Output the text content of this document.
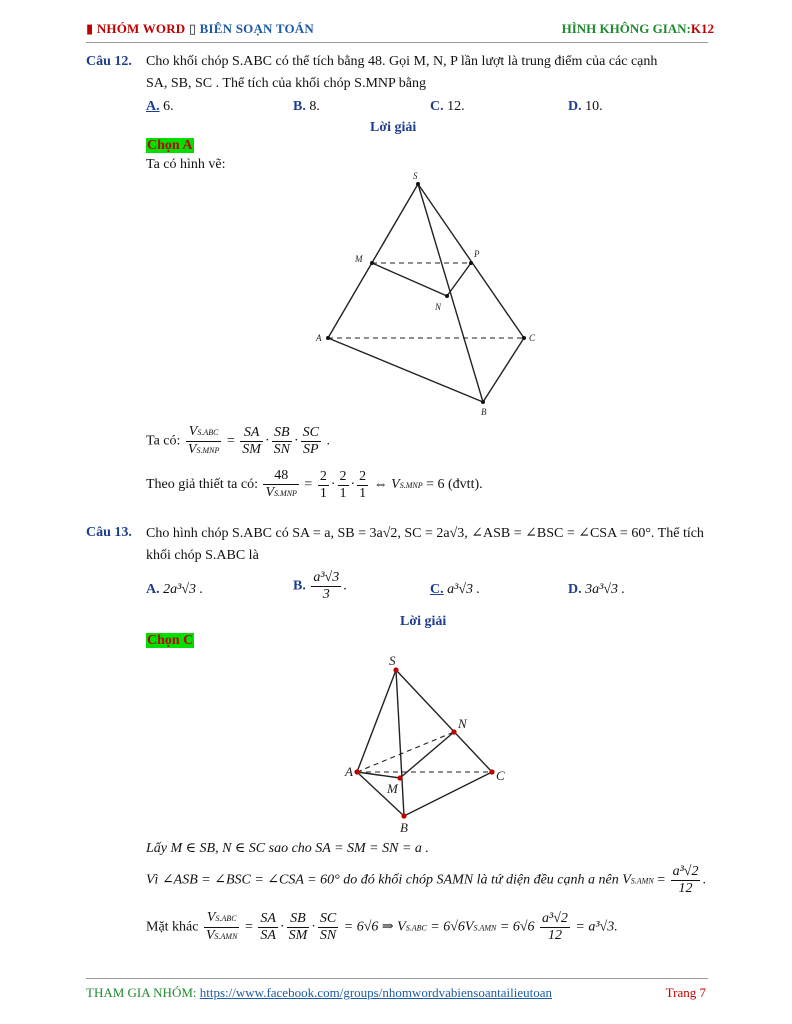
▮ NHÓM WORD ▯ BIÊN SOẠN TOÁN	HÌNH KHÔNG GIAN:K12
Câu 12. Cho khối chóp S.ABC có thể tích bằng 48. Gọi M, N, P lần lượt là trung điểm của các cạnh
SA, SB, SC . Thể tích của khối chóp S.MNP bằng
A. 6.	B. 8.	C. 12.	D. 10.
Lời giải
Chọn A
Ta có hình vẽ:
S
M	P
N
A	C
B
Ta có: $\frac{\text{VS.ABC}}{\text{VS.MNP}} = \frac{SA}{SM} \cdot \frac{SB}{SN} \cdot \frac{SC}{SP}$ .
Theo giả thiết ta có: $\frac{48}{\text{VS.MNP}} = \frac{2}{1} \cdot \frac{2}{1} \cdot \frac{2}{1}$ ⇔ VS.MNP = 6 (đvtt).
Câu 13. Cho hình chóp S.ABC có SA = a, SB = 3a√2, SC = 2a√3, ∠ASB = ∠BSC = ∠CSA = 60°. Thể tích
khối chóp S.ABC là
A. 2a³√3 .	B. $\frac{\text{a³√3}}{3}$ .	C. a³√3 .	D. 3a³√3 .
Lời giải
Chọn C
S
N
A	C
M
B
Lấy M ∈ SB, N ∈ SC sao cho SA = SM = SN = a .
Vì ∠ASB = ∠BSC = ∠CSA = 60° do đó khối chóp SAMN là tứ diện đều cạnh a nên $VS.AMN = \frac{\text{a³√2}}{12}$ .
Mặt khác $\frac{\text{VS.ABC}}{\text{VS.AMN}} = \frac{SA}{SA} \cdot \frac{SB}{SM} \cdot \frac{SC}{SN} = 6√6$ ⇒ $VS.ABC = 6√6VS.AMN = 6√6 \frac{\text{a³√2}}{12} = a^3√3$.
THAM GIA NHÓM: https://www.facebook.com/groups/nhomwordvabiensoantailieutoan	Trang 7
